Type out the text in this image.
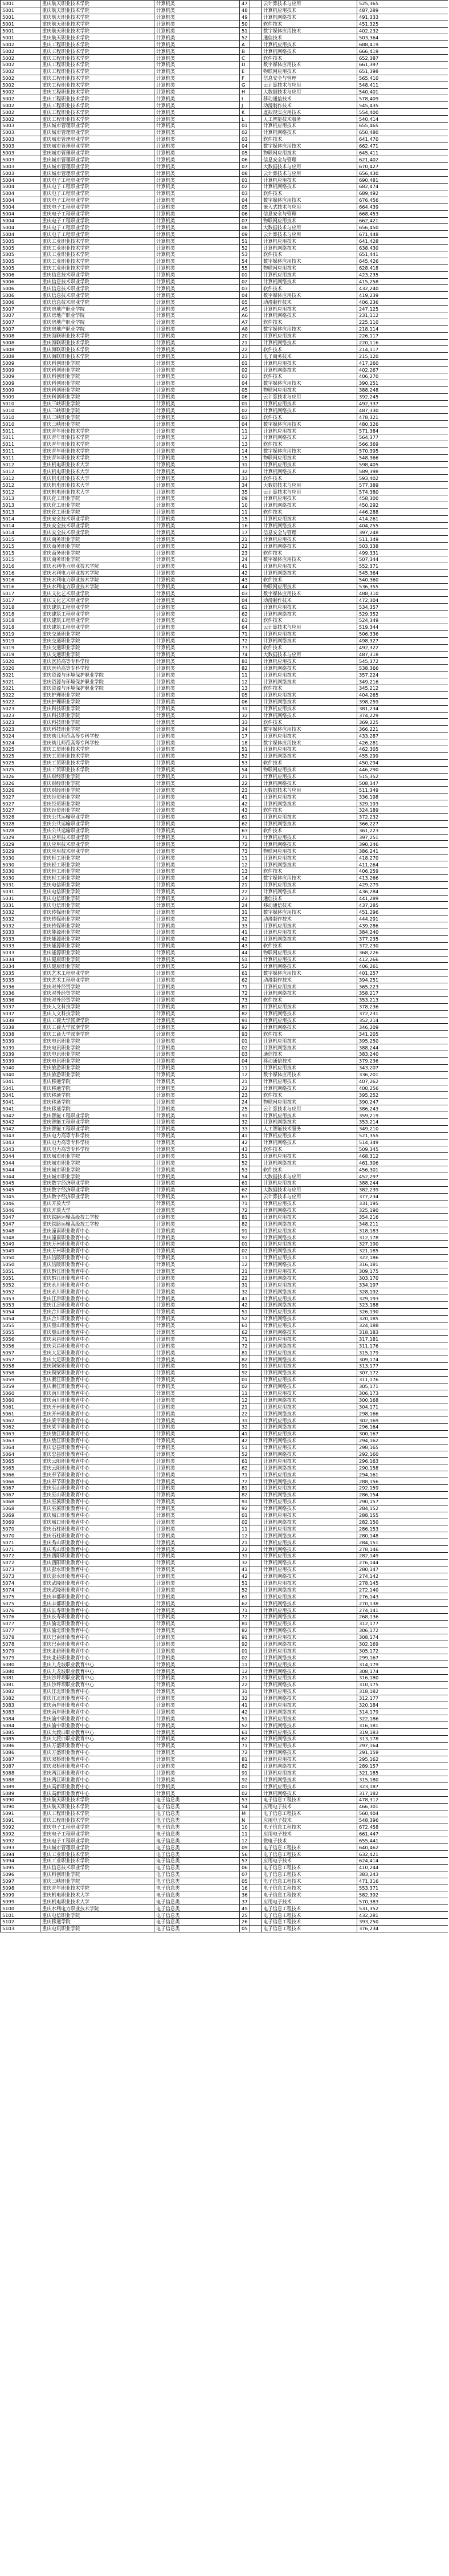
5001	重庆航天职业技术学院	计算机类	47		云计算技术与应用	525,365
5001	重庆航天职业技术学院	计算机类	48		计算机应用技术	487,289
5001	重庆航天职业技术学院	计算机类	49		计算机网络技术	491,333
5001	重庆航天职业技术学院	计算机类	50		软件技术	451,325
5001	重庆航天职业技术学院	计算机类	51		数字媒体应用技术	402,232
5001	重庆航天职业技术学院	计算机类	52		通信技术	503,364
5002	重庆工程职业技术学院	计算机类	A		计算机应用技术	688,419
5002	重庆工程职业技术学院	计算机类	B		计算机网络技术	666,419
5002	重庆工程职业技术学院	计算机类	C		软件技术	652,387
5002	重庆工程职业技术学院	计算机类	D		数字媒体应用技术	661,397
5002	重庆工程职业技术学院	计算机类	E		物联网应用技术	651,398
5002	重庆工程职业技术学院	计算机类	F		信息安全与管理	565,410
5002	重庆工程职业技术学院	计算机类	G		云计算技术与应用	548,411
5002	重庆工程职业技术学院	计算机类	H		大数据技术与应用	540,401
5002	重庆工程职业技术学院	计算机类	I		移动通信技术	578,409
5002	重庆工程职业技术学院	计算机类	J		动漫制作技术	545,435
5002	重庆工程职业技术学院	计算机类	K		虚拟现实应用技术	554,400
5002	重庆工程职业技术学院	计算机类	L		人工智能技术服务	540,414
5003	重庆城市管理职业学院	计算机类	01		计算机应用技术	655,465
5003	重庆城市管理职业学院	计算机类	02		计算机网络技术	650,480
5003	重庆城市管理职业学院	计算机类	03		软件技术	641,470
5003	重庆城市管理职业学院	计算机类	04		数字媒体应用技术	662,471
5003	重庆城市管理职业学院	计算机类	05		物联网应用技术	645,411
5003	重庆城市管理职业学院	计算机类	06		信息安全与管理	621,402
5003	重庆城市管理职业学院	计算机类	07		大数据技术与应用	670,427
5003	重庆城市管理职业学院	计算机类	08		云计算技术与应用	656,430
5004	重庆电子工程职业学院	计算机类	01		计算机应用技术	690,481
5004	重庆电子工程职业学院	计算机类	02		计算机网络技术	682,474
5004	重庆电子工程职业学院	计算机类	03		软件技术	689,492
5004	重庆电子工程职业学院	计算机类	04		数字媒体应用技术	676,456
5004	重庆电子工程职业学院	计算机类	05		嵌入式技术与应用	664,439
5004	重庆电子工程职业学院	计算机类	06		信息安全与管理	668,453
5004	重庆电子工程职业学院	计算机类	07		物联网应用技术	662,421
5004	重庆电子工程职业学院	计算机类	08		大数据技术与应用	656,450
5004	重庆电子工程职业学院	计算机类	09		云计算技术与应用	671,448
5005	重庆工业职业技术学院	计算机类	51		计算机应用技术	641,428
5005	重庆工业职业技术学院	计算机类	52		计算机网络技术	638,430
5005	重庆工业职业技术学院	计算机类	53		软件技术	651,441
5005	重庆工业职业技术学院	计算机类	54		数字媒体应用技术	645,426
5005	重庆工业职业技术学院	计算机类	55		物联网应用技术	628,418
5006	重庆信息技术职业学院	计算机类	01		计算机应用技术	423,235
5006	重庆信息技术职业学院	计算机类	02		计算机网络技术	415,258
5006	重庆信息技术职业学院	计算机类	03		软件技术	432,240
5006	重庆信息技术职业学院	计算机类	04		数字媒体应用技术	419,239
5006	重庆信息技术职业学院	计算机类	05		动漫制作技术	406,236
5007	重庆房地产职业学院	计算机类	A5		计算机应用技术	247,125
5007	重庆房地产职业学院	计算机类	A6		计算机网络技术	231,112
5007	重庆房地产职业学院	计算机类	A7		软件技术	225,110
5007	重庆房地产职业学院	计算机类	A8		数字媒体应用技术	218,114
5008	重庆海联职业技术学院	计算机类	20		计算机应用技术	226,117
5008	重庆海联职业技术学院	计算机类	21		计算机网络技术	220,116
5008	重庆海联职业技术学院	计算机类	22		软件技术	214,117
5008	重庆海联职业技术学院	计算机类	23		电子商务技术	215,120
5009	重庆科创职业学院	计算机类	01		计算机应用技术	417,260
5009	重庆科创职业学院	计算机类	02		计算机网络技术	402,267
5009	重庆科创职业学院	计算机类	03		软件技术	406,270
5009	重庆科创职业学院	计算机类	04		数字媒体应用技术	390,251
5009	重庆科创职业学院	计算机类	05		物联网应用技术	388,248
5009	重庆科创职业学院	计算机类	06		云计算技术与应用	392,245
5010	重庆三峡职业学院	计算机类	01		计算机应用技术	492,337
5010	重庆三峡职业学院	计算机类	02		计算机网络技术	487,330
5010	重庆三峡职业学院	计算机类	03		软件技术	478,321
5010	重庆三峡职业学院	计算机类	04		数字媒体应用技术	480,326
5011	重庆青年职业技术学院	计算机类	11		计算机应用技术	571,384
5011	重庆青年职业技术学院	计算机类	12		计算机网络技术	564,377
5011	重庆青年职业技术学院	计算机类	13		软件技术	566,369
5011	重庆青年职业技术学院	计算机类	14		数字媒体应用技术	570,395
5011	重庆青年职业技术学院	计算机类	15		物联网应用技术	548,366
5012	重庆机电职业技术大学	计算机类	31		计算机应用技术	598,405
5012	重庆机电职业技术大学	计算机类	32		计算机网络技术	589,398
5012	重庆机电职业技术大学	计算机类	33		软件技术	593,402
5012	重庆机电职业技术大学	计算机类	34		大数据技术与应用	577,389
5012	重庆机电职业技术大学	计算机类	35		云计算技术与应用	574,380
5013	重庆化工职业学院	计算机类	09		计算机应用技术	458,300
5013	重庆化工职业学院	计算机类	10		计算机网络技术	450,292
5013	重庆化工职业学院	计算机类	11		软件技术	446,288
5014	重庆安全技术职业学院	计算机类	15		计算机应用技术	414,261
5014	重庆安全技术职业学院	计算机类	16		计算机网络技术	404,255
5014	重庆安全技术职业学院	计算机类	17		信息安全与管理	397,248
5015	重庆商务职业学院	计算机类	21		计算机应用技术	511,349
5015	重庆商务职业学院	计算机类	22		计算机网络技术	503,338
5015	重庆商务职业学院	计算机类	23		软件技术	499,331
5015	重庆商务职业学院	计算机类	24		数字媒体应用技术	507,344
5016	重庆水利电力职业技术学院	计算机类	41		计算机应用技术	552,371
5016	重庆水利电力职业技术学院	计算机类	42		计算机网络技术	545,364
5016	重庆水利电力职业技术学院	计算机类	43		软件技术	540,360
5016	重庆水利电力职业技术学院	计算机类	44		物联网应用技术	536,355
5017	重庆文化艺术职业学院	计算机类	03		数字媒体应用技术	488,310
5017	重庆文化艺术职业学院	计算机类	04		动漫制作技术	472,304
5018	重庆建筑工程职业学院	计算机类	61		计算机应用技术	534,357
5018	重庆建筑工程职业学院	计算机类	62		计算机网络技术	529,352
5018	重庆建筑工程职业学院	计算机类	63		软件技术	524,349
5018	重庆建筑工程职业学院	计算机类	64		云计算技术与应用	519,344
5019	重庆交通职业学院	计算机类	71		计算机应用技术	506,336
5019	重庆交通职业学院	计算机类	72		计算机网络技术	498,327
5019	重庆交通职业学院	计算机类	73		软件技术	492,322
5019	重庆交通职业学院	计算机类	74		大数据技术与应用	487,318
5020	重庆医药高等专科学校	计算机类	81		计算机应用技术	545,372
5020	重庆医药高等专科学校	计算机类	82		计算机网络技术	538,366
5021	重庆资源与环境保护职业学院	计算机类	11		计算机应用技术	357,224
5021	重庆资源与环境保护职业学院	计算机类	12		计算机网络技术	349,216
5021	重庆资源与环境保护职业学院	计算机类	13		软件技术	345,212
5022	重庆护理职业学院	计算机类	05		计算机应用技术	404,265
5022	重庆护理职业学院	计算机类	06		计算机网络技术	398,259
5023	重庆科技职业学院	计算机类	31		计算机应用技术	381,234
5023	重庆科技职业学院	计算机类	32		计算机网络技术	374,229
5023	重庆科技职业学院	计算机类	33		软件技术	369,225
5023	重庆科技职业学院	计算机类	34		数字媒体应用技术	366,221
5024	重庆幼儿师范高等专科学校	计算机类	17		计算机应用技术	433,287
5024	重庆幼儿师范高等专科学校	计算机类	18		数字媒体应用技术	426,281
5025	重庆工贸职业技术学院	计算机类	51		计算机应用技术	462,305
5025	重庆工贸职业技术学院	计算机类	52		计算机网络技术	455,299
5025	重庆工贸职业技术学院	计算机类	53		软件技术	450,294
5025	重庆工贸职业技术学院	计算机类	54		物联网应用技术	446,290
5026	重庆财经职业学院	计算机类	21		计算机应用技术	515,352
5026	重庆财经职业学院	计算机类	22		计算机网络技术	508,347
5026	重庆财经职业学院	计算机类	23		大数据技术与应用	511,349
5027	重庆经贸职业学院	计算机类	41		计算机应用技术	336,198
5027	重庆经贸职业学院	计算机类	42		计算机网络技术	329,193
5027	重庆经贸职业学院	计算机类	43		软件技术	324,189
5028	重庆公共运输职业学院	计算机类	61		计算机应用技术	372,232
5028	重庆公共运输职业学院	计算机类	62		计算机网络技术	366,227
5028	重庆公共运输职业学院	计算机类	63		软件技术	361,223
5029	重庆应用技术职业学院	计算机类	71		计算机应用技术	397,251
5029	重庆应用技术职业学院	计算机类	72		计算机网络技术	390,246
5029	重庆应用技术职业学院	计算机类	73		物联网应用技术	386,241
5030	重庆轻工职业学院	计算机类	11		计算机应用技术	418,270
5030	重庆轻工职业学院	计算机类	12		计算机网络技术	411,264
5030	重庆轻工职业学院	计算机类	13		软件技术	406,259
5030	重庆轻工职业学院	计算机类	14		数字媒体应用技术	413,266
5031	重庆电信职业学院	计算机类	21		计算机应用技术	429,279
5031	重庆电信职业学院	计算机类	22		计算机网络技术	436,284
5031	重庆电信职业学院	计算机类	23		通信技术	441,289
5031	重庆电信职业学院	计算机类	24		移动通信技术	437,285
5032	重庆传媒职业学院	计算机类	31		数字媒体应用技术	451,296
5032	重庆传媒职业学院	计算机类	32		动漫制作技术	444,291
5032	重庆传媒职业学院	计算机类	33		计算机应用技术	439,286
5033	重庆能源职业学院	计算机类	41		计算机应用技术	384,240
5033	重庆能源职业学院	计算机类	42		计算机网络技术	377,235
5033	重庆能源职业学院	计算机类	43		软件技术	372,230
5033	重庆能源职业学院	计算机类	44		物联网应用技术	368,226
5034	重庆健康职业学院	计算机类	51		计算机应用技术	412,266
5034	重庆健康职业学院	计算机类	52		计算机网络技术	406,261
5035	重庆艺术工程职业学院	计算机类	61		数字媒体应用技术	401,257
5035	重庆艺术工程职业学院	计算机类	62		动漫制作技术	394,251
5036	重庆对外经贸学院	计算机类	71		计算机应用技术	365,223
5036	重庆对外经贸学院	计算机类	72		计算机网络技术	358,217
5036	重庆对外经贸学院	计算机类	73		软件技术	353,213
5037	重庆人文科技学院	计算机类	81		计算机应用技术	378,236
5037	重庆人文科技学院	计算机类	82		计算机网络技术	372,231
5038	重庆工商大学派斯学院	计算机类	91		计算机应用技术	352,214
5038	重庆工商大学派斯学院	计算机类	92		计算机网络技术	346,209
5038	重庆工商大学派斯学院	计算机类	93		软件技术	341,205
5039	重庆电讯职业学院	计算机类	01		计算机应用技术	395,250
5039	重庆电讯职业学院	计算机类	02		计算机网络技术	388,244
5039	重庆电讯职业学院	计算机类	03		通信技术	383,240
5039	重庆电讯职业学院	计算机类	04		移动通信技术	379,236
5040	重庆旅游职业学院	计算机类	11		计算机应用技术	343,207
5040	重庆旅游职业学院	计算机类	12		数字媒体应用技术	336,201
5041	重庆移通学院	计算机类	21		计算机应用技术	407,262
5041	重庆移通学院	计算机类	22		计算机网络技术	400,256
5041	重庆移通学院	计算机类	23		软件技术	395,252
5041	重庆移通学院	计算机类	24		物联网应用技术	390,247
5041	重庆移通学院	计算机类	25		云计算技术与应用	386,243
5042	重庆智能工程职业学院	计算机类	31		计算机应用技术	359,219
5042	重庆智能工程职业学院	计算机类	32		计算机网络技术	353,214
5042	重庆智能工程职业学院	计算机类	33		人工智能技术服务	349,210
5043	重庆电力高等专科学校	计算机类	41		计算机应用技术	521,355
5043	重庆电力高等专科学校	计算机类	42		计算机网络技术	514,349
5043	重庆电力高等专科学校	计算机类	43		软件技术	509,345
5044	重庆城市职业学院	计算机类	51		计算机应用技术	468,312
5044	重庆城市职业学院	计算机类	52		计算机网络技术	461,306
5044	重庆城市职业学院	计算机类	53		软件技术	456,301
5044	重庆城市职业学院	计算机类	54		大数据技术与应用	452,297
5045	重庆数字经济职业学院	计算机类	61		计算机应用技术	388,244
5045	重庆数字经济职业学院	计算机类	62		大数据技术与应用	382,239
5045	重庆数字经济职业学院	计算机类	63		云计算技术与应用	377,234
5046	重庆开放大学	计算机类	71		计算机应用技术	331,195
5046	重庆开放大学	计算机类	72		计算机网络技术	325,190
5047	重庆铁路运输高级技工学校	计算机类	81		计算机应用技术	354,216
5047	重庆铁路运输高级技工学校	计算机类	82		计算机网络技术	348,211
5048	重庆潼南职业教育中心	计算机类	91		计算机应用技术	318,183
5048	重庆潼南职业教育中心	计算机类	92		计算机网络技术	312,178
5049	重庆万州职业教育中心	计算机类	01		计算机应用技术	327,190
5049	重庆万州职业教育中心	计算机类	02		计算机网络技术	321,185
5050	重庆涪陵职业教育中心	计算机类	11		计算机应用技术	322,186
5050	重庆涪陵职业教育中心	计算机类	12		计算机网络技术	316,181
5051	重庆黔江职业教育中心	计算机类	21		计算机应用技术	309,175
5051	重庆黔江职业教育中心	计算机类	22		计算机网络技术	303,170
5052	重庆永川职业教育中心	计算机类	31		计算机应用技术	334,197
5052	重庆永川职业教育中心	计算机类	32		计算机网络技术	328,192
5053	重庆江津职业教育中心	计算机类	41		计算机应用技术	329,193
5053	重庆江津职业教育中心	计算机类	42		计算机网络技术	323,188
5054	重庆合川职业教育中心	计算机类	51		计算机应用技术	326,190
5054	重庆合川职业教育中心	计算机类	52		计算机网络技术	320,185
5055	重庆璧山职业教育中心	计算机类	61		计算机应用技术	324,188
5055	重庆璧山职业教育中心	计算机类	62		计算机网络技术	318,183
5056	重庆荣昌职业教育中心	计算机类	71		计算机应用技术	317,181
5056	重庆荣昌职业教育中心	计算机类	72		计算机网络技术	311,176
5057	重庆大足职业教育中心	计算机类	81		计算机应用技术	315,179
5057	重庆大足职业教育中心	计算机类	82		计算机网络技术	309,174
5058	重庆铜梁职业教育中心	计算机类	91		计算机应用技术	313,177
5058	重庆铜梁职业教育中心	计算机类	92		计算机网络技术	307,172
5059	重庆綦江职业教育中心	计算机类	01		计算机应用技术	311,176
5059	重庆綦江职业教育中心	计算机类	02		计算机网络技术	305,171
5060	重庆南川职业教育中心	计算机类	11		计算机应用技术	306,173
5060	重庆南川职业教育中心	计算机类	12		计算机网络技术	300,168
5061	重庆开州职业教育中心	计算机类	21		计算机应用技术	304,171
5061	重庆开州职业教育中心	计算机类	22		计算机网络技术	298,166
5062	重庆梁平职业教育中心	计算机类	31		计算机应用技术	302,169
5062	重庆梁平职业教育中心	计算机类	32		计算机网络技术	296,164
5063	重庆垫江职业教育中心	计算机类	41		计算机应用技术	300,167
5063	重庆垫江职业教育中心	计算机类	42		计算机网络技术	294,162
5064	重庆忠县职业教育中心	计算机类	51		计算机应用技术	298,165
5064	重庆忠县职业教育中心	计算机类	52		计算机网络技术	292,160
5065	重庆云阳职业教育中心	计算机类	61		计算机应用技术	296,163
5065	重庆云阳职业教育中心	计算机类	62		计算机网络技术	290,158
5066	重庆奉节职业教育中心	计算机类	71		计算机应用技术	294,161
5066	重庆奉节职业教育中心	计算机类	72		计算机网络技术	288,156
5067	重庆巫山职业教育中心	计算机类	81		计算机应用技术	292,159
5067	重庆巫山职业教育中心	计算机类	82		计算机网络技术	286,154
5068	重庆巫溪职业教育中心	计算机类	91		计算机应用技术	290,157
5068	重庆巫溪职业教育中心	计算机类	92		计算机网络技术	284,152
5069	重庆城口职业教育中心	计算机类	01		计算机应用技术	288,155
5069	重庆城口职业教育中心	计算机类	02		计算机网络技术	282,150
5070	重庆石柱职业教育中心	计算机类	11		计算机应用技术	286,153
5070	重庆石柱职业教育中心	计算机类	12		计算机网络技术	280,148
5071	重庆秀山职业教育中心	计算机类	21		计算机应用技术	284,151
5071	重庆秀山职业教育中心	计算机类	22		计算机网络技术	278,146
5072	重庆酉阳职业教育中心	计算机类	31		计算机应用技术	282,149
5072	重庆酉阳职业教育中心	计算机类	32		计算机网络技术	276,144
5073	重庆彭水职业教育中心	计算机类	41		计算机应用技术	280,147
5073	重庆彭水职业教育中心	计算机类	42		计算机网络技术	274,142
5074	重庆武隆职业教育中心	计算机类	51		计算机应用技术	278,145
5074	重庆武隆职业教育中心	计算机类	52		计算机网络技术	272,140
5075	重庆丰都职业教育中心	计算机类	61		计算机应用技术	276,143
5075	重庆丰都职业教育中心	计算机类	62		计算机网络技术	270,138
5076	重庆长寿职业教育中心	计算机类	71		计算机应用技术	274,141
5076	重庆长寿职业教育中心	计算机类	72		计算机网络技术	268,136
5077	重庆渝北职业教育中心	计算机类	81		计算机应用技术	312,177
5077	重庆渝北职业教育中心	计算机类	82		计算机网络技术	306,172
5078	重庆巴南职业教育中心	计算机类	91		计算机应用技术	308,174
5078	重庆巴南职业教育中心	计算机类	92		计算机网络技术	302,169
5079	重庆北碚职业教育中心	计算机类	01		计算机应用技术	305,172
5079	重庆北碚职业教育中心	计算机类	02		计算机网络技术	299,167
5080	重庆九龙坡职业教育中心	计算机类	11		计算机应用技术	314,179
5080	重庆九龙坡职业教育中心	计算机类	12		计算机网络技术	308,174
5081	重庆沙坪坝职业教育中心	计算机类	21		计算机应用技术	316,180
5081	重庆沙坪坝职业教育中心	计算机类	22		计算机网络技术	310,175
5082	重庆江北职业教育中心	计算机类	31		计算机应用技术	318,182
5082	重庆江北职业教育中心	计算机类	32		计算机网络技术	312,177
5083	重庆南岸职业教育中心	计算机类	41		计算机应用技术	320,184
5083	重庆南岸职业教育中心	计算机类	42		计算机网络技术	314,179
5084	重庆渝中职业教育中心	计算机类	51		计算机应用技术	322,186
5084	重庆渝中职业教育中心	计算机类	52		计算机网络技术	316,181
5085	重庆大渡口职业教育中心	计算机类	61		计算机应用技术	319,183
5085	重庆大渡口职业教育中心	计算机类	62		计算机网络技术	313,178
5086	重庆万盛职业教育中心	计算机类	71		计算机应用技术	297,164
5086	重庆万盛职业教育中心	计算机类	72		计算机网络技术	291,159
5087	重庆双桥职业教育中心	计算机类	81		计算机应用技术	295,162
5087	重庆双桥职业教育中心	计算机类	82		计算机网络技术	289,157
5088	重庆两江职业教育中心	计算机类	91		计算机应用技术	321,185
5088	重庆两江职业教育中心	计算机类	92		计算机网络技术	315,180
5089	重庆高新职业教育中心	计算机类	01		计算机应用技术	323,187
5089	重庆高新职业教育中心	计算机类	02		计算机网络技术	317,182
5090	重庆航天职业技术学院	电子信息类	53		电子信息工程技术	478,312
5090	重庆航天职业技术学院	电子信息类	54		应用电子技术	466,301
5091	重庆工程职业技术学院	电子信息类	M		电子信息工程技术	560,404
5091	重庆工程职业技术学院	电子信息类	N		应用电子技术	548,396
5092	重庆电子工程职业学院	电子信息类	10		电子信息工程技术	672,458
5092	重庆电子工程职业学院	电子信息类	11		应用电子技术	661,447
5092	重庆电子工程职业学院	电子信息类	12		微电子技术	655,441
5093	重庆城市管理职业学院	电子信息类	09		电子信息工程技术	640,462
5094	重庆工业职业技术学院	电子信息类	56		电子信息工程技术	632,421
5094	重庆工业职业技术学院	电子信息类	57		应用电子技术	624,414
5095	重庆信息技术职业学院	电子信息类	06		电子信息工程技术	410,244
5096	重庆科创职业学院	电子信息类	07		电子信息工程技术	383,243
5097	重庆三峡职业学院	电子信息类	05		电子信息工程技术	471,316
5098	重庆青年职业技术学院	电子信息类	16		电子信息工程技术	553,371
5099	重庆机电职业技术大学	电子信息类	36		电子信息工程技术	582,392
5099	重庆机电职业技术大学	电子信息类	37		应用电子技术	570,383
5100	重庆水利电力职业技术学院	电子信息类	45		电子信息工程技术	531,352
5101	重庆电信职业学院	电子信息类	25		电子信息工程技术	432,281
5102	重庆移通学院	电子信息类	26		电子信息工程技术	393,250
5103	重庆电讯职业学院	电子信息类	05		电子信息工程技术	376,234
